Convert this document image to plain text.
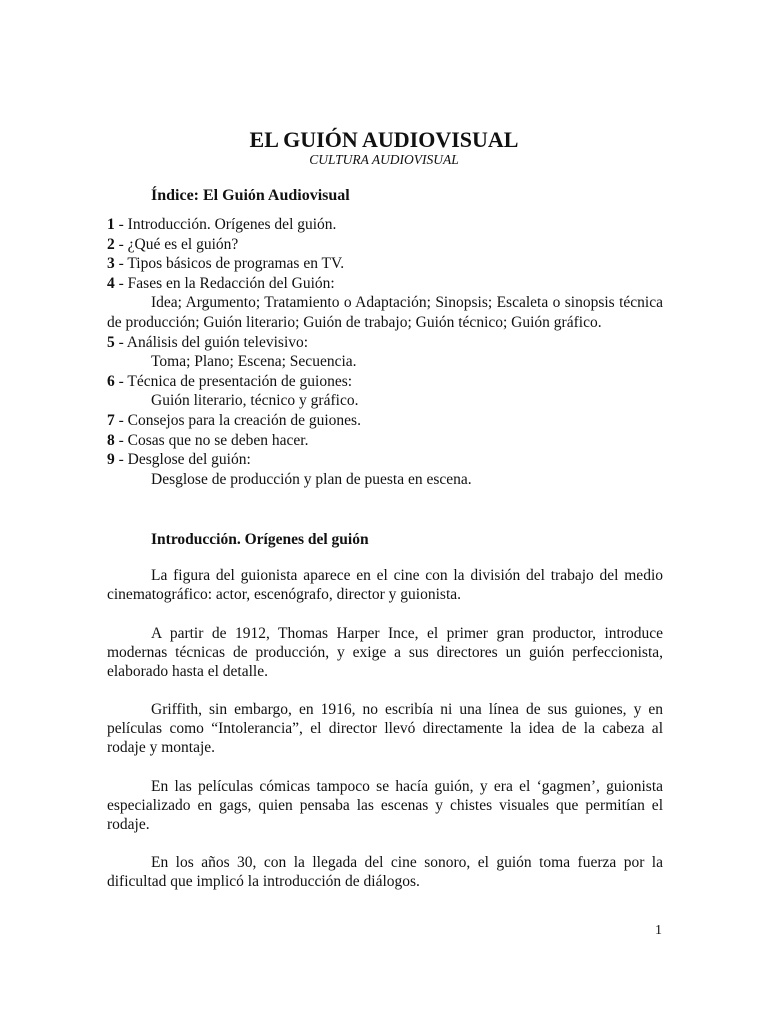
EL GUIÓN AUDIOVISUAL
CULTURA AUDIOVISUAL
Índice: El Guión Audiovisual
1 - Introducción. Orígenes del guión.
2 - ¿Qué es el guión?
3 - Tipos básicos de programas en TV.
4 - Fases en la Redacción del Guión:
Idea; Argumento; Tratamiento o Adaptación; Sinopsis; Escaleta o sinopsis técnica de producción; Guión literario; Guión de trabajo; Guión técnico; Guión gráfico.
5 - Análisis del guión televisivo:
Toma; Plano; Escena; Secuencia.
6 - Técnica de presentación de guiones:
Guión literario, técnico y gráfico.
7 - Consejos para la creación de guiones.
8 - Cosas que no se deben hacer.
9 - Desglose del guión:
Desglose de producción y plan de puesta en escena.
Introducción. Orígenes del guión

La figura del guionista aparece en el cine con la división del trabajo del medio cinematográfico: actor, escenógrafo, director y guionista.

A partir de 1912, Thomas Harper Ince, el primer gran productor, introduce modernas técnicas de producción, y exige a sus directores un guión perfeccionista, elaborado hasta el detalle.

Griffith, sin embargo, en 1916, no escribía ni una línea de sus guiones, y en películas como “Intolerancia”, el director llevó directamente la idea de la cabeza al rodaje y montaje.

En las películas cómicas tampoco se hacía guión, y era el ‘gagmen’, guionista especializado en gags, quien pensaba las escenas y chistes visuales que permitían el rodaje.

En los años 30, con la llegada del cine sonoro, el guión toma fuerza por la dificultad que implicó la introducción de diálogos.

1
